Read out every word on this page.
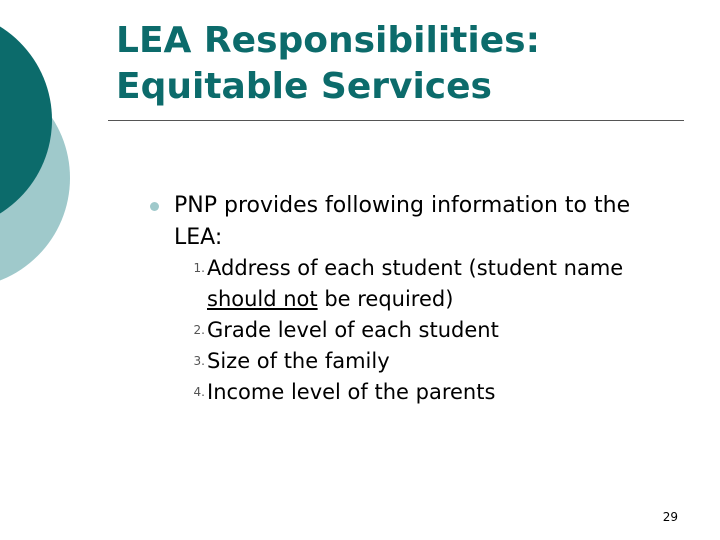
LEA Responsibilities:
Equitable Services
PNP provides following information to the LEA:
1. Address of each student (student name should not be required)
2. Grade level of each student
3. Size of the family
4. Income level of the parents
29
